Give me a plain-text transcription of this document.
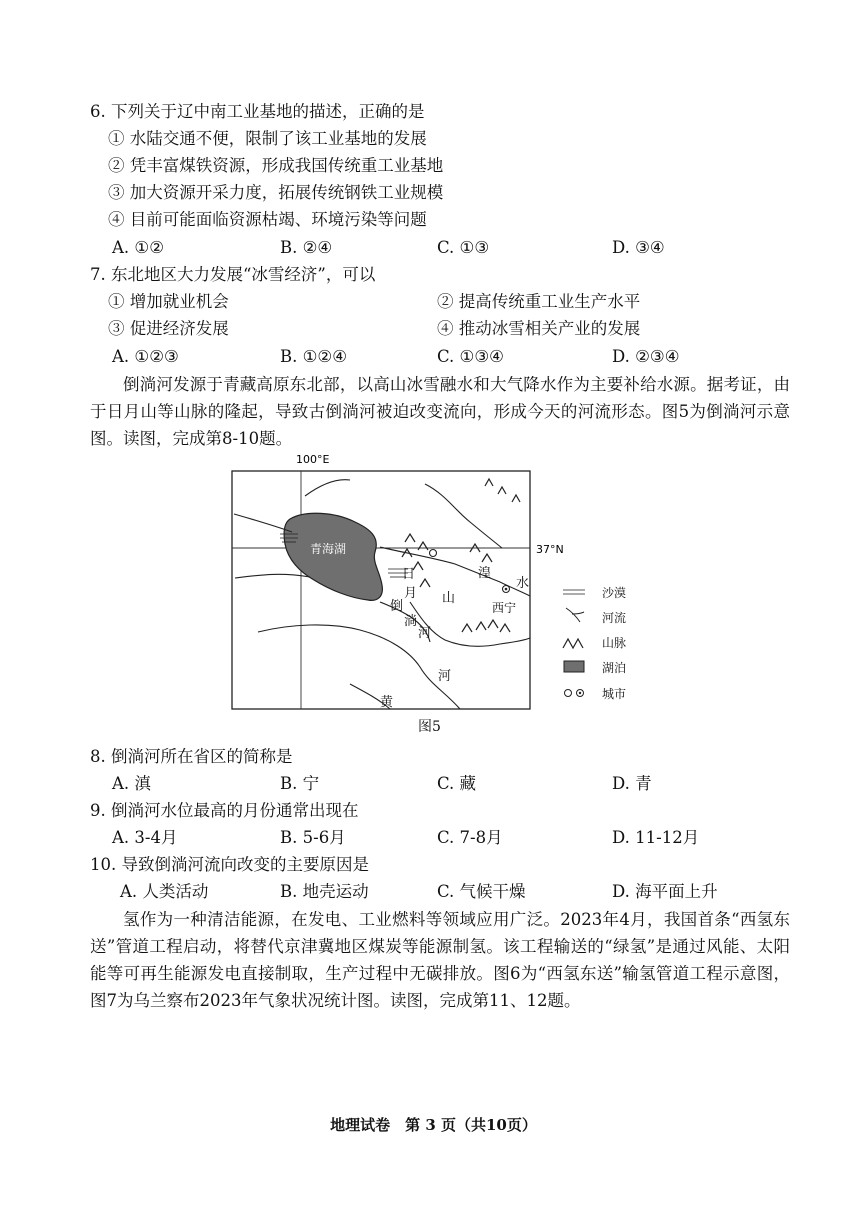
6. 下列关于辽中南工业基地的描述，正确的是
① 水陆交通不便，限制了该工业基地的发展
② 凭丰富煤铁资源，形成我国传统重工业基地
③ 加大资源开采力度，拓展传统钢铁工业规模
④ 目前可能面临资源枯竭、环境污染等问题
A. ①②	B. ②④	C. ①③	D. ③④
7. 东北地区大力发展“冰雪经济”，可以
① 增加就业机会	② 提高传统重工业生产水平
③ 促进经济发展	④ 推动冰雪相关产业的发展
A. ①②③	B. ①②④	C. ①③④	D. ②③④
倒淌河发源于青藏高原东北部，以高山冰雪融水和大气降水作为主要补给水源。据考证，由于日月山等山脉的隆起，导致古倒淌河被迫改变流向，形成今天的河流形态。图5为倒淌河示意图。读图，完成第8-10题。
100°E
37°N
青海湖
日
月 山
倒
淌
河
湟
水
西宁
河
黄
沙漠
河流
山脉
湖泊
城市
图5
8. 倒淌河所在省区的简称是
A. 滇	B. 宁	C. 藏	D. 青
9. 倒淌河水位最高的月份通常出现在
A. 3-4月	B. 5-6月	C. 7-8月	D. 11-12月
10. 导致倒淌河流向改变的主要原因是
A. 人类活动	B. 地壳运动	C. 气候干燥	D. 海平面上升
氢作为一种清洁能源，在发电、工业燃料等领域应用广泛。2023年4月，我国首条“西氢东送”管道工程启动，将替代京津冀地区煤炭等能源制氢。该工程输送的“绿氢”是通过风能、太阳能等可再生能源发电直接制取，生产过程中无碳排放。图6为“西氢东送”输氢管道工程示意图，图7为乌兰察布2023年气象状况统计图。读图，完成第11、12题。
地理试卷　第 3 页（共10页）
